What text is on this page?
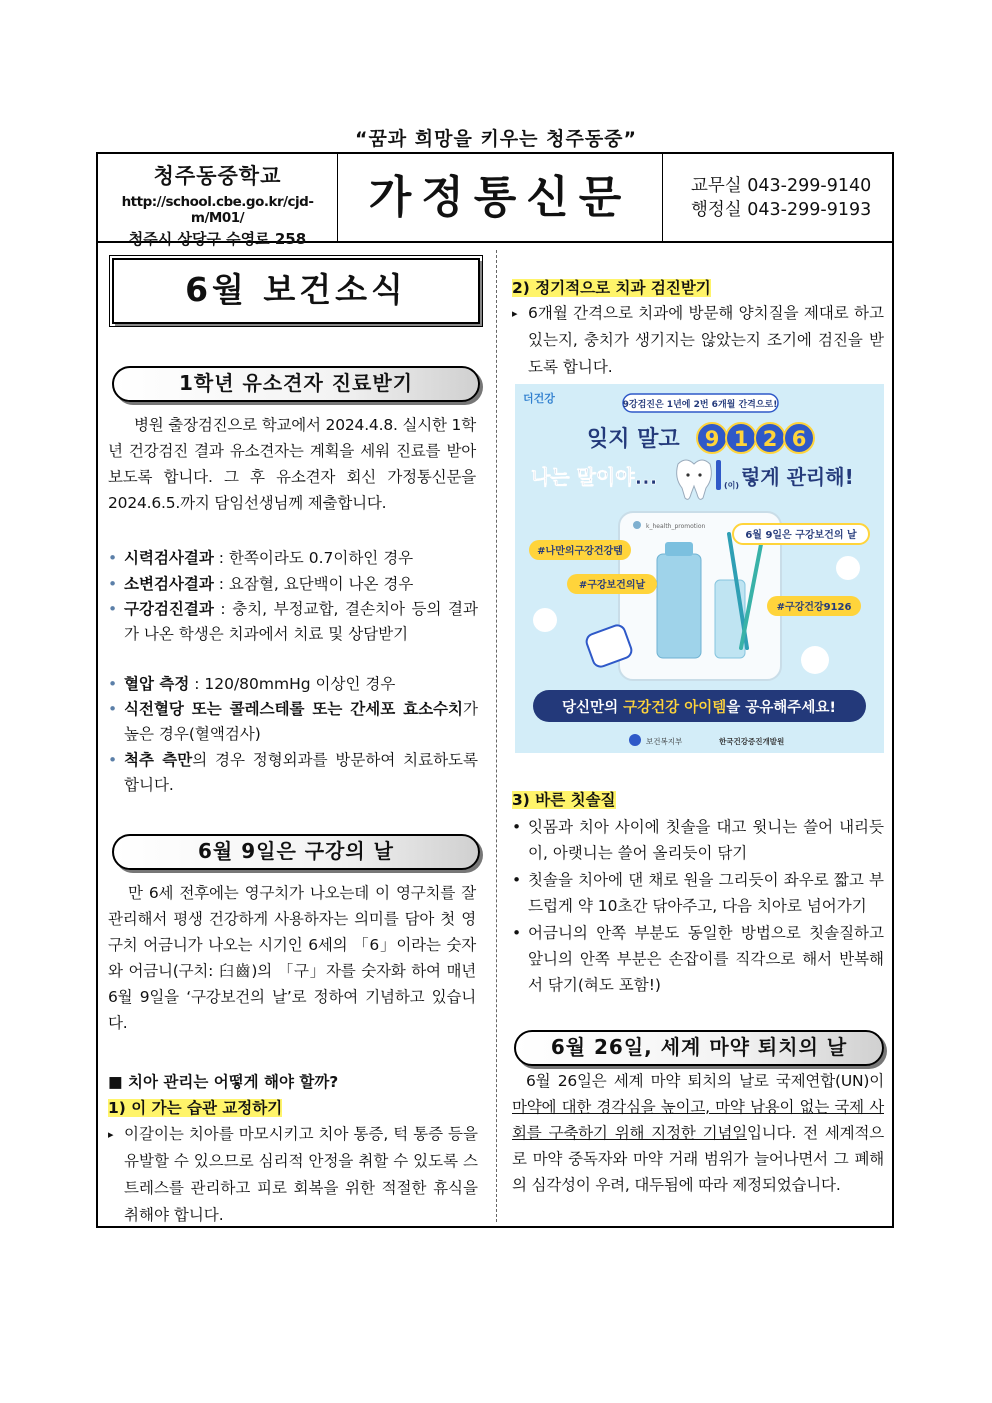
“꿈과 희망을 키우는 청주동중”
청주동중학교
http://school.cbe.go.kr/cjd-m/M01/
청주시 상당구 수영로 258
가정통신문	교무실 043-299-9140
행정실 043-299-9193
6월 보건소식
1학년 유소견자 진료받기
병원 출장검진으로 학교에서 2024.4.8. 실시한 1학년 건강검진 결과 유소견자는 계획을 세워 진료를 받아보도록 합니다. 그 후 유소견자 회신 가정통신문을 2024.6.5.까지 담임선생님께 제출합니다.
• 시력검사결과 : 한쪽이라도 0.7이하인 경우
• 소변검사결과 : 요잠혈, 요단백이 나온 경우
• 구강검진결과 : 충치, 부정교합, 결손치아 등의 결과가 나온 학생은 치과에서 치료 및 상담받기
• 혈압 측정 : 120/80mmHg 이상인 경우
• 식전혈당 또는 콜레스테롤 또는 간세포 효소수치가 높은 경우(혈액검사)
• 척추 측만의 경우 정형외과를 방문하여 치료하도록 합니다.
6월 9일은 구강의 날
만 6세 전후에는 영구치가 나오는데 이 영구치를 잘 관리해서 평생 건강하게 사용하자는 의미를 담아 첫 영구치 어금니가 나오는 시기인 6세의 「6」이라는 숫자와 어금니(구치: 臼齒)의 「구」자를 숫자화 하여 매년 6월 9일을 ‘구강보건의 날’로 정하여 기념하고 있습니다.
■ 치아 관리는 어떻게 해야 할까?
1) 이 가는 습관 교정하기
▸ 이갈이는 치아를 마모시키고 치아 통증, 턱 통증 등을 유발할 수 있으므로 심리적 안정을 취할 수 있도록 스트레스를 관리하고 피로 회복을 위한 적절한 휴식을 취해야 합니다.
2) 정기적으로 치과 검진받기
▸ 6개월 간격으로 치과에 방문해 양치질을 제대로 하고 있는지, 충치가 생기지는 않았는지 조기에 검진을 받도록 합니다.
더건강	9강검진은 1년에 2번 6개월 간격으로!
잊지 말고 9 1 2 6
나는 말이야...	(이) 렇게 관리해!
k_health_promotion
6월 9일은 구강보건의 날
#나만의구강건강템
#구강보건의날
#구강건강9126
당신만의 구강건강 아이템을 공유해주세요!
보건복지부	한국건강증진개발원
3) 바른 칫솔질
• 잇몸과 치아 사이에 칫솔을 대고 윗니는 쓸어 내리듯이, 아랫니는 쓸어 올리듯이 닦기
• 칫솔을 치아에 댄 채로 원을 그리듯이 좌우로 짧고 부드럽게 약 10초간 닦아주고, 다음 치아로 넘어가기
• 어금니의 안쪽 부분도 동일한 방법으로 칫솔질하고 앞니의 안쪽 부분은 손잡이를 직각으로 해서 반복해서 닦기(혀도 포함!)
6월 26일, 세계 마약 퇴치의 날
6월 26일은 세계 마약 퇴치의 날로 국제연합(UN)이 마약에 대한 경각심을 높이고, 마약 남용이 없는 국제 사회를 구축하기 위해 지정한 기념일입니다. 전 세계적으로 마약 중독자와 마약 거래 범위가 늘어나면서 그 폐해의 심각성이 우려, 대두됨에 따라 제정되었습니다.
